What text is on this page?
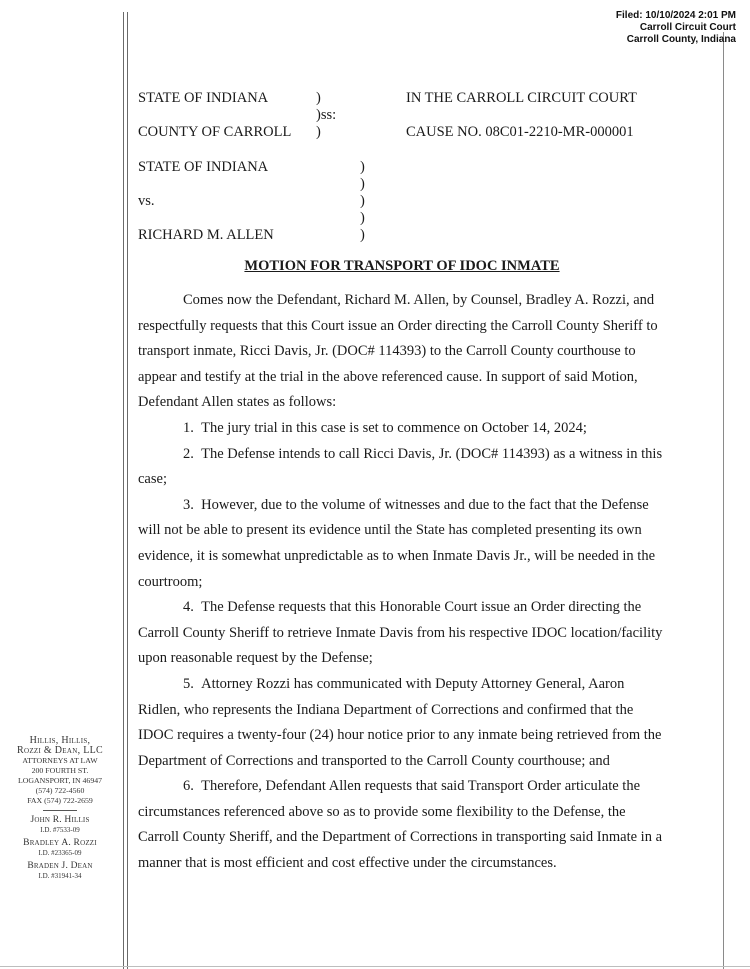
Filed: 10/10/2024 2:01 PM
Carroll Circuit Court
Carroll County, Indiana
STATE OF INDIANA	)
)ss:
COUNTY OF CARROLL )
IN THE CARROLL CIRCUIT COURT
CAUSE NO. 08C01-2210-MR-000001
STATE OF INDIANA
vs.
RICHARD M. ALLEN
)
)
)
)
)
MOTION FOR TRANSPORT OF IDOC INMATE

Comes now the Defendant, Richard M. Allen, by Counsel, Bradley A. Rozzi, and respectfully requests that this Court issue an Order directing the Carroll County Sheriff to transport inmate, Ricci Davis, Jr. (DOC# 114393) to the Carroll County courthouse to appear and testify at the trial in the above referenced cause. In support of said Motion, Defendant Allen states as follows:

1.  The jury trial in this case is set to commence on October 14, 2024;

2.  The Defense intends to call Ricci Davis, Jr. (DOC# 114393) as a witness in this case;

3.  However, due to the volume of witnesses and due to the fact that the Defense will not be able to present its evidence until the State has completed presenting its own evidence, it is somewhat unpredictable as to when Inmate Davis Jr., will be needed in the courtroom;

4.  The Defense requests that this Honorable Court issue an Order directing the Carroll County Sheriff to retrieve Inmate Davis from his respective IDOC location/facility upon reasonable request by the Defense;

5.  Attorney Rozzi has communicated with Deputy Attorney General, Aaron Ridlen, who represents the Indiana Department of Corrections and confirmed that the IDOC requires a twenty-four (24) hour notice prior to any inmate being retrieved from the Department of Corrections and transported to the Carroll County courthouse; and

6.  Therefore, Defendant Allen requests that said Transport Order articulate the circumstances referenced above so as to provide some flexibility to the Defense, the Carroll County Sheriff, and the Department of Corrections in transporting said Inmate in a manner that is most efficient and cost effective under the circumstances.

Hillis, Hillis,
Rozzi & Dean, LLC
ATTORNEYS AT LAW
200 FOURTH ST.
LOGANSPORT, IN 46947
(574) 722-4560
FAX (574) 722-2659
John R. Hillis
I.D. #7533-09
Bradley A. Rozzi
I.D. #23365-09
Braden J. Dean
I.D. #31941-34
